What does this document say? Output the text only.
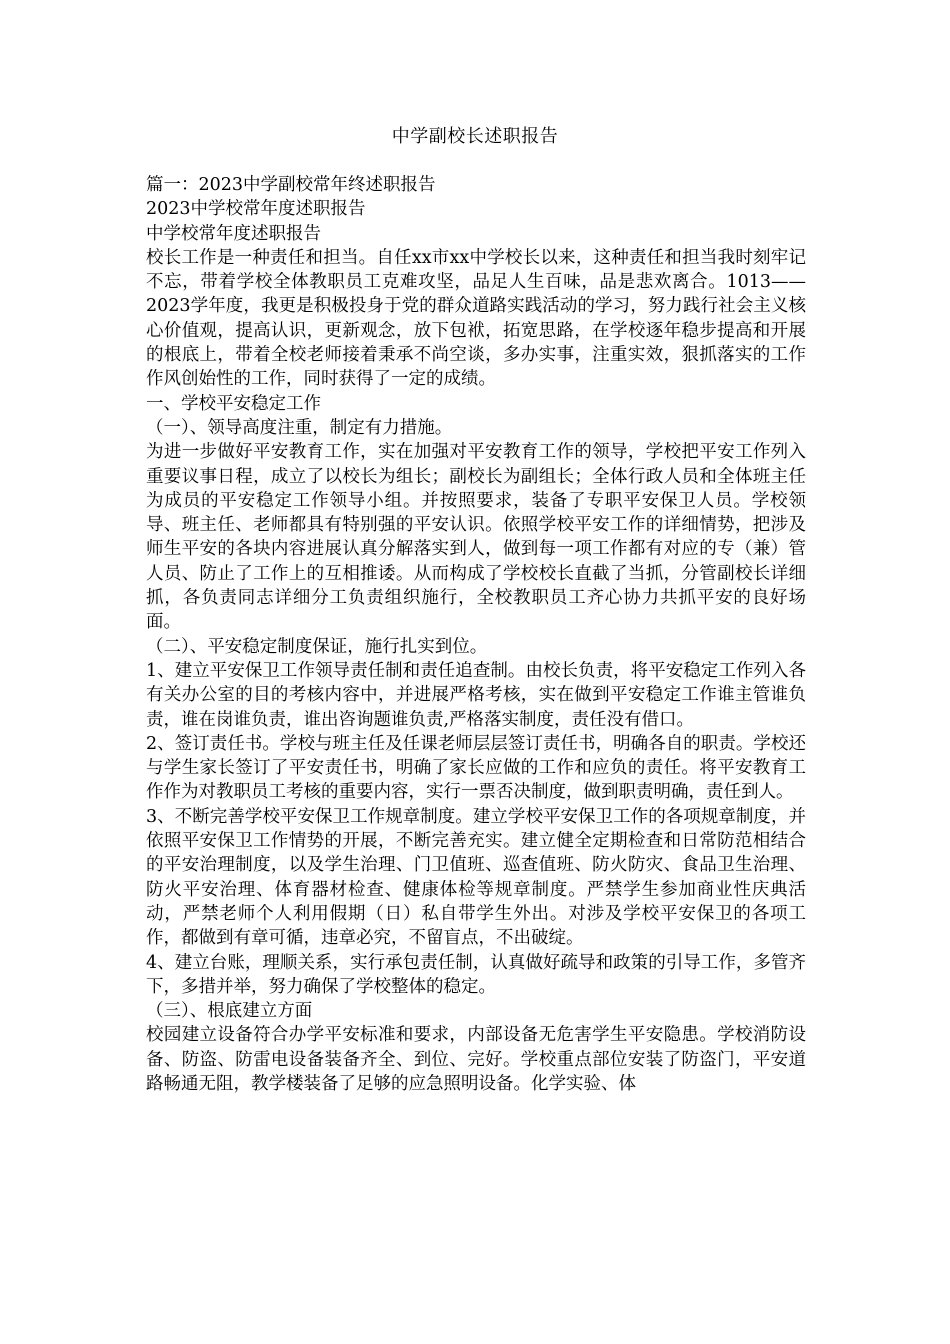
中学副校长述职报告

篇一：2023中学副校常年终述职报告

2023中学校常年度述职报告

中学校常年度述职报告

校长工作是一种责任和担当。自任xx市xx中学校长以来，这种责任和担当我时刻牢记不忘，带着学校全体教职员工克难攻坚，品足人生百味，品是悲欢离合。1013——2023学年度，我更是积极投身于党的群众道路实践活动的学习，努力践行社会主义核心价值观，提高认识，更新观念，放下包袱，拓宽思路，在学校逐年稳步提高和开展的根底上，带着全校老师接着秉承不尚空谈，多办实事，注重实效，狠抓落实的工作作风创始性的工作，同时获得了一定的成绩。

一、学校平安稳定工作

（一）、领导高度注重，制定有力措施。

为进一步做好平安教育工作，实在加强对平安教育工作的领导，学校把平安工作列入重要议事日程，成立了以校长为组长；副校长为副组长；全体行政人员和全体班主任为成员的平安稳定工作领导小组。并按照要求，装备了专职平安保卫人员。学校领导、班主任、老师都具有特别强的平安认识。依照学校平安工作的详细情势，把涉及师生平安的各块内容进展认真分解落实到人，做到每一项工作都有对应的专（兼）管人员、防止了工作上的互相推诿。从而构成了学校校长直截了当抓，分管副校长详细抓，各负责同志详细分工负责组织施行，全校教职员工齐心协力共抓平安的良好场面。

（二）、平安稳定制度保证，施行扎实到位。

1、建立平安保卫工作领导责任制和责任追查制。由校长负责，将平安稳定工作列入各有关办公室的目的考核内容中，并进展严格考核，实在做到平安稳定工作谁主管谁负责，谁在岗谁负责，谁出咨询题谁负责,严格落实制度，责任没有借口。

2、签订责任书。学校与班主任及任课老师层层签订责任书，明确各自的职责。学校还 与学生家长签订了平安责任书，明确了家长应做的工作和应负的责任。将平安教育工作作为对教职员工考核的重要内容，实行一票否决制度，做到职责明确，责任到人。

3、不断完善学校平安保卫工作规章制度。建立学校平安保卫工作的各项规章制度，并依照平安保卫工作情势的开展，不断完善充实。建立健全定期检查和日常防范相结合的平安治理制度，以及学生治理、门卫值班、巡查值班、防火防灾、食品卫生治理、防火平安治理、体育器材检查、健康体检等规章制度。严禁学生参加商业性庆典活动，严禁老师个人利用假期（日）私自带学生外出。对涉及学校平安保卫的各项工作，都做到有章可循，违章必究，不留盲点，不出破绽。

4、建立台账，理顺关系，实行承包责任制，认真做好疏导和政策的引导工作，多管齐下，多措并举，努力确保了学校整体的稳定。

（三）、根底建立方面

校园建立设备符合办学平安标准和要求，内部设备无危害学生平安隐患。学校消防设备、防盗、防雷电设备装备齐全、到位、完好。学校重点部位安装了防盗门，平安道路畅通无阻，教学楼装备了足够的应急照明设备。化学实验、体
